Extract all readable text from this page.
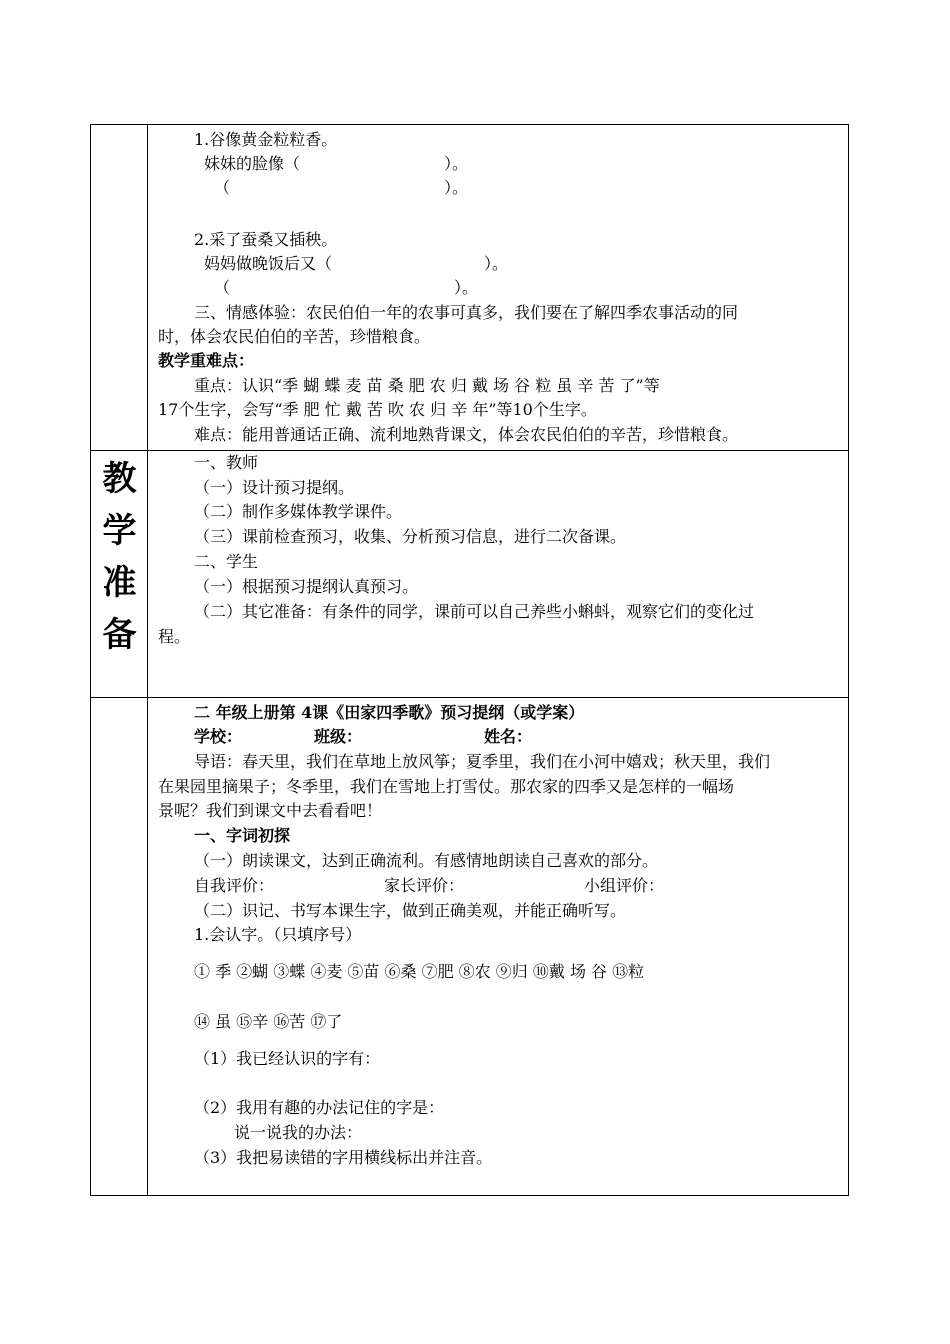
1.谷像黄金粒粒香。
妹妹的脸像（	）。
（	）。
2.采了蚕桑又插秧。
妈妈做晚饭后又（	）。
（	）。
三、情感体验：农民伯伯一年的农事可真多，我们要在了解四季农事活动的同
时，体会农民伯伯的辛苦，珍惜粮食。
教学重难点：
重点：认识“季 蝴 蝶 麦 苗 桑 肥 农 归 戴 场 谷 粒 虽 辛 苦 了”等
17个生字，会写“季 肥 忙 戴 苦 吹 农 归 辛 年”等10个生字。
难点：能用普通话正确、流利地熟背课文，体会农民伯伯的辛苦，珍惜粮食。
教
学
准
备
一、教师
（一）设计预习提纲。
（二）制作多媒体教学课件。
（三）课前检查预习，收集、分析预习信息，进行二次备课。
二、学生
（一）根据预习提纲认真预习。
（二）其它准备：有条件的同学，课前可以自己养些小蝌蚪，观察它们的变化过
程。
二 年级上册第 4课《田家四季歌》预习提纲（或学案）
学校：	班级：	姓名：
导语：春天里，我们在草地上放风筝；夏季里，我们在小河中嬉戏；秋天里，我们
在果园里摘果子；冬季里，我们在雪地上打雪仗。那农家的四季又是怎样的一幅场
景呢？我们到课文中去看看吧！
一、字词初探
（一）朗读课文，达到正确流利。有感情地朗读自己喜欢的部分。
自我评价：	家长评价：	小组评价：
（二）识记、书写本课生字，做到正确美观，并能正确听写。
1.会认字。（只填序号）
① 季 ②蝴 ③蝶 ④麦 ⑤苗 ⑥桑 ⑦肥 ⑧农 ⑨归 ⑩戴 场 谷 ⑬粒
⑭ 虽 ⑮辛 ⑯苦 ⑰了
（1）我已经认识的字有：
（2）我用有趣的办法记住的字是：
说一说我的办法：
（3）我把易读错的字用横线标出并注音。
